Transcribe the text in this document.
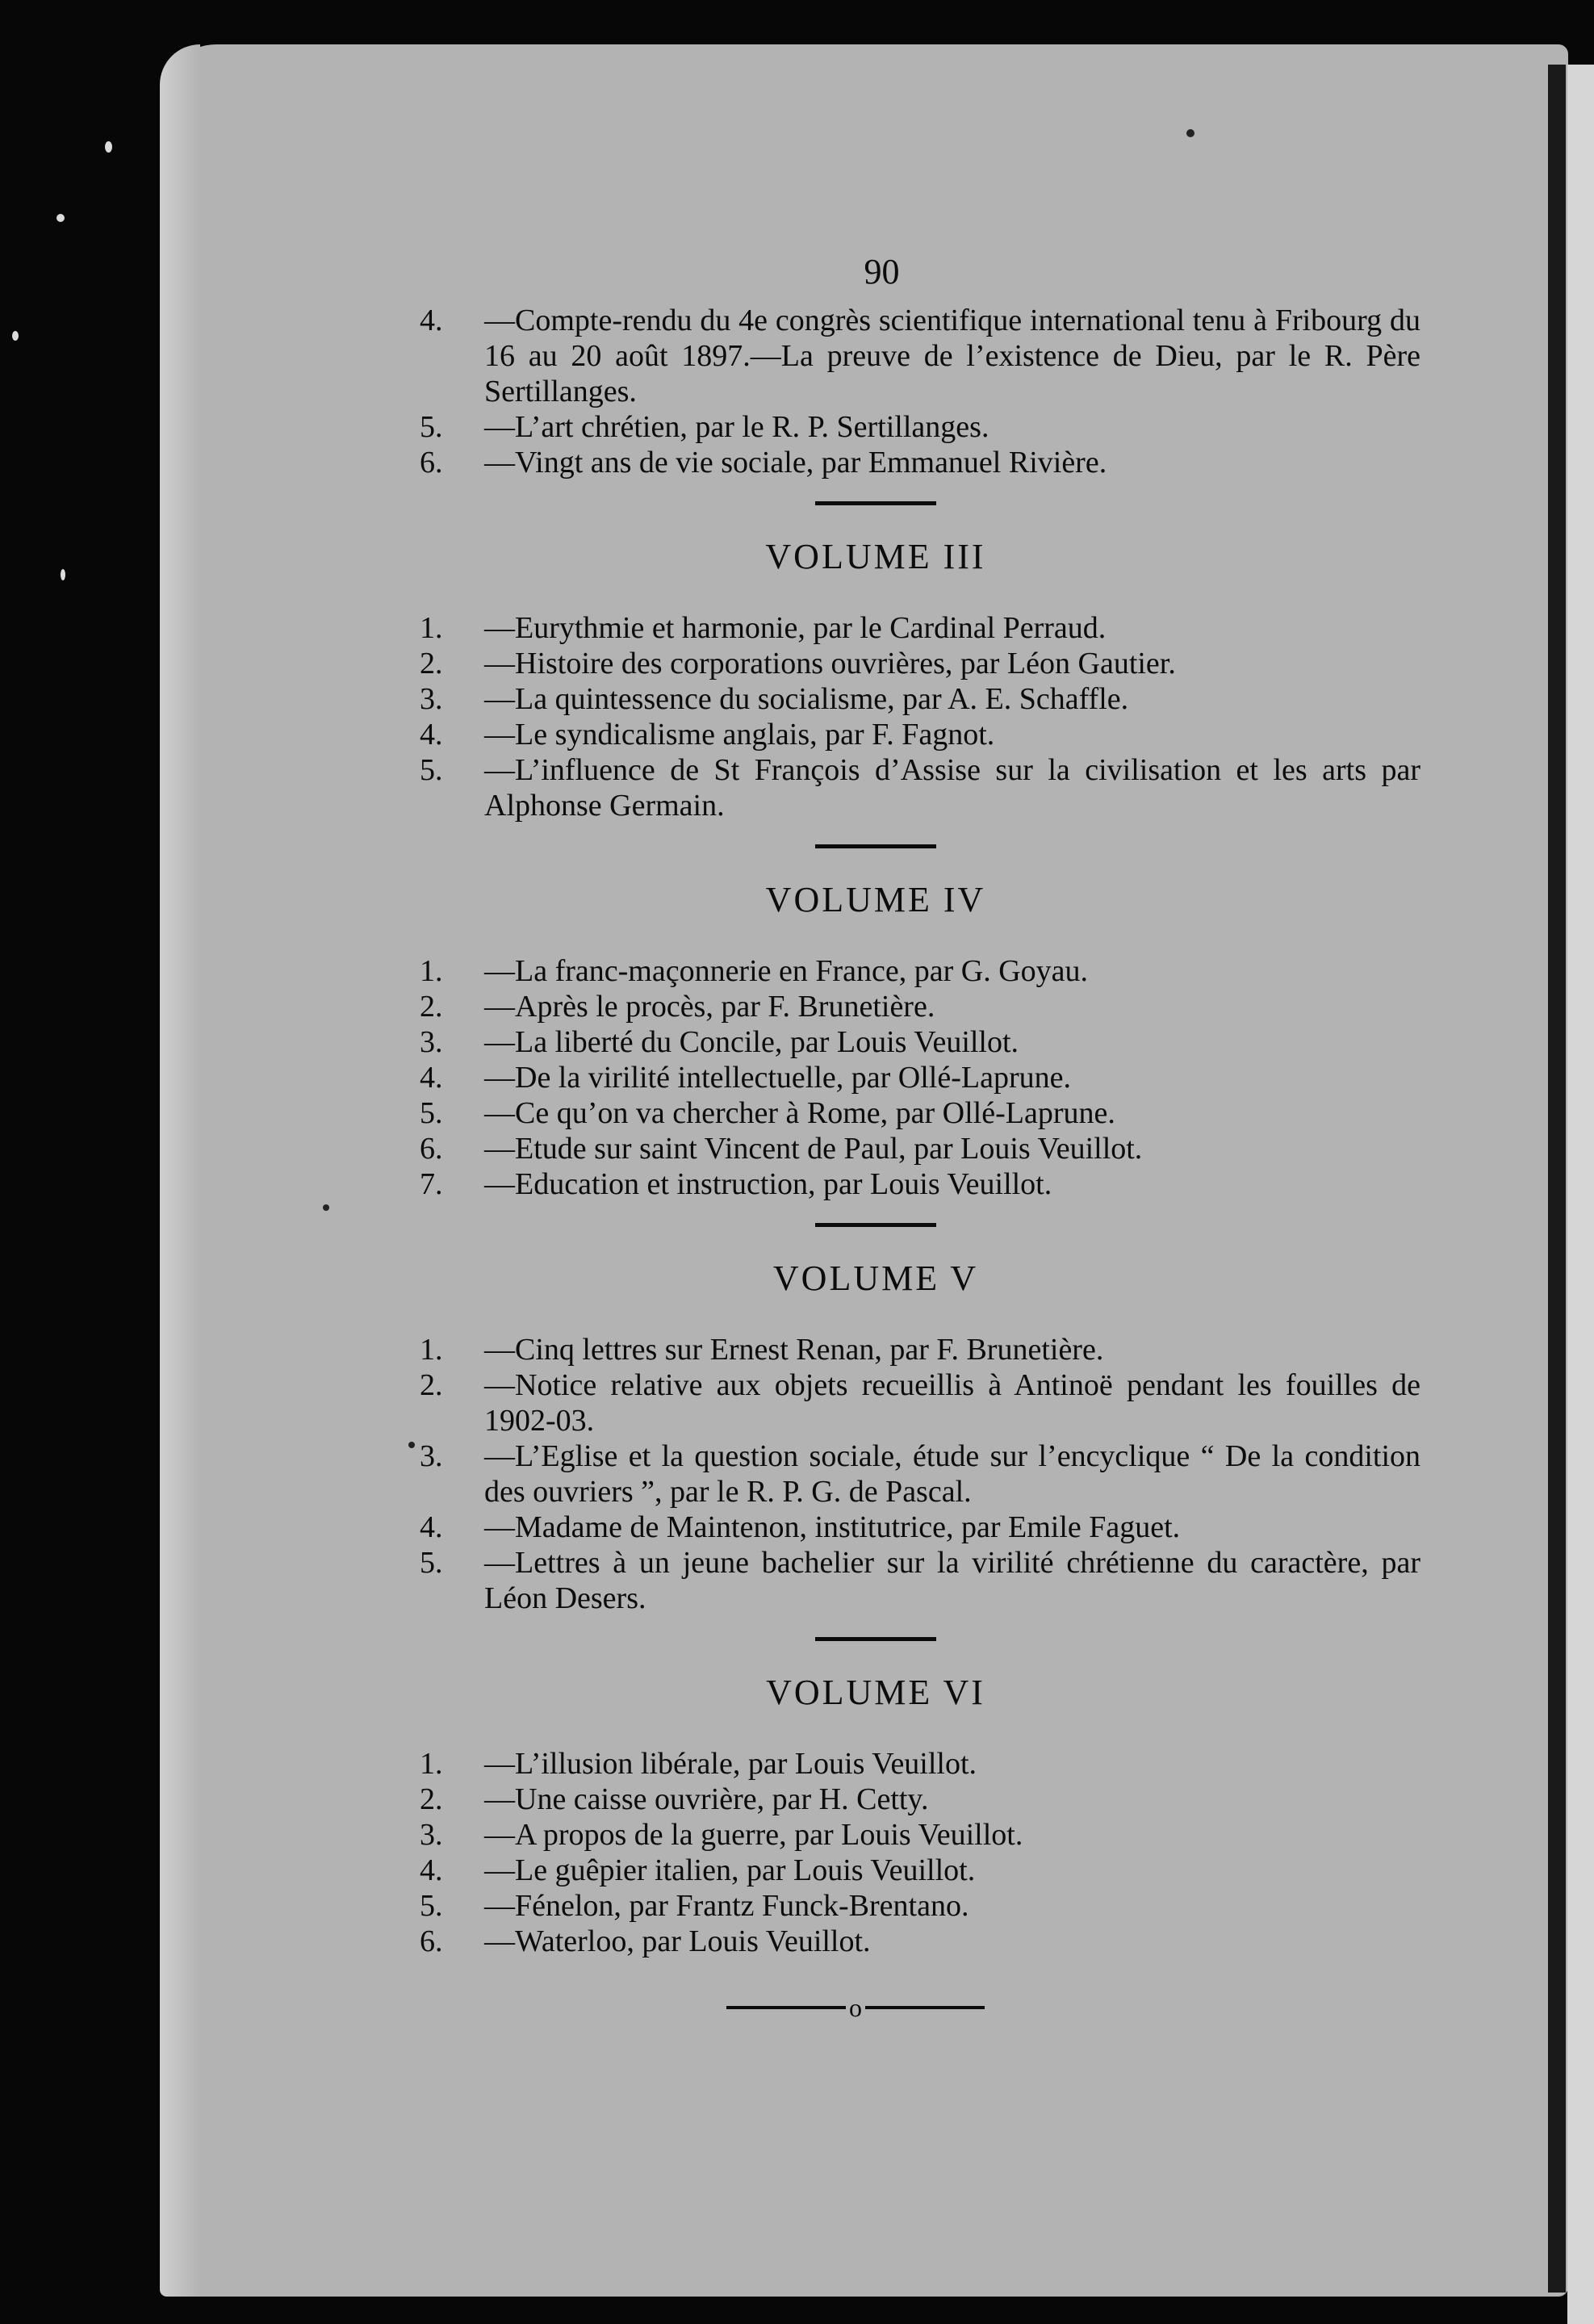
90
4.	—Compte-rendu du 4e congrès scientifique international tenu à Fribourg du 16 au 20 août 1897.—La preuve de l’existence de Dieu, par le R. Père Sertillanges.
5.	—L’art chrétien, par le R. P. Sertillanges.
6.	—Vingt ans de vie sociale, par Emmanuel Rivière.
VOLUME III
1.	—Eurythmie et harmonie, par le Cardinal Perraud.
2.	—Histoire des corporations ouvrières, par Léon Gautier.
3.	—La quintessence du socialisme, par A. E. Schaffle.
4.	—Le syndicalisme anglais, par F. Fagnot.
5.	—L’influence de St François d’Assise sur la civilisation et les arts par Alphonse Germain.
VOLUME IV
1.	—La franc-maçonnerie en France, par G. Goyau.
2.	—Après le procès, par F. Brunetière.
3.	—La liberté du Concile, par Louis Veuillot.
4.	—De la virilité intellectuelle, par Ollé-Laprune.
5.	—Ce qu’on va chercher à Rome, par Ollé-Laprune.
6.	—Etude sur saint Vincent de Paul, par Louis Veuillot.
7.	—Education et instruction, par Louis Veuillot.
VOLUME V
1.	—Cinq lettres sur Ernest Renan, par F. Brunetière.
2.	—Notice relative aux objets recueillis à Antinoë pendant les fouilles de 1902-03.
3.	—L’Eglise et la question sociale, étude sur l’encyclique “ De la condition des ouvriers ”, par le R. P. G. de Pascal.
4.	—Madame de Maintenon, institutrice, par Emile Faguet.
5.	—Lettres à un jeune bachelier sur la virilité chrétienne du caractère, par Léon Desers.
VOLUME VI
1.	—L’illusion libérale, par Louis Veuillot.
2.	—Une caisse ouvrière, par H. Cetty.
3.	—A propos de la guerre, par Louis Veuillot.
4.	—Le guêpier italien, par Louis Veuillot.
5.	—Fénelon, par Frantz Funck-Brentano.
6.	—Waterloo, par Louis Veuillot.
o
